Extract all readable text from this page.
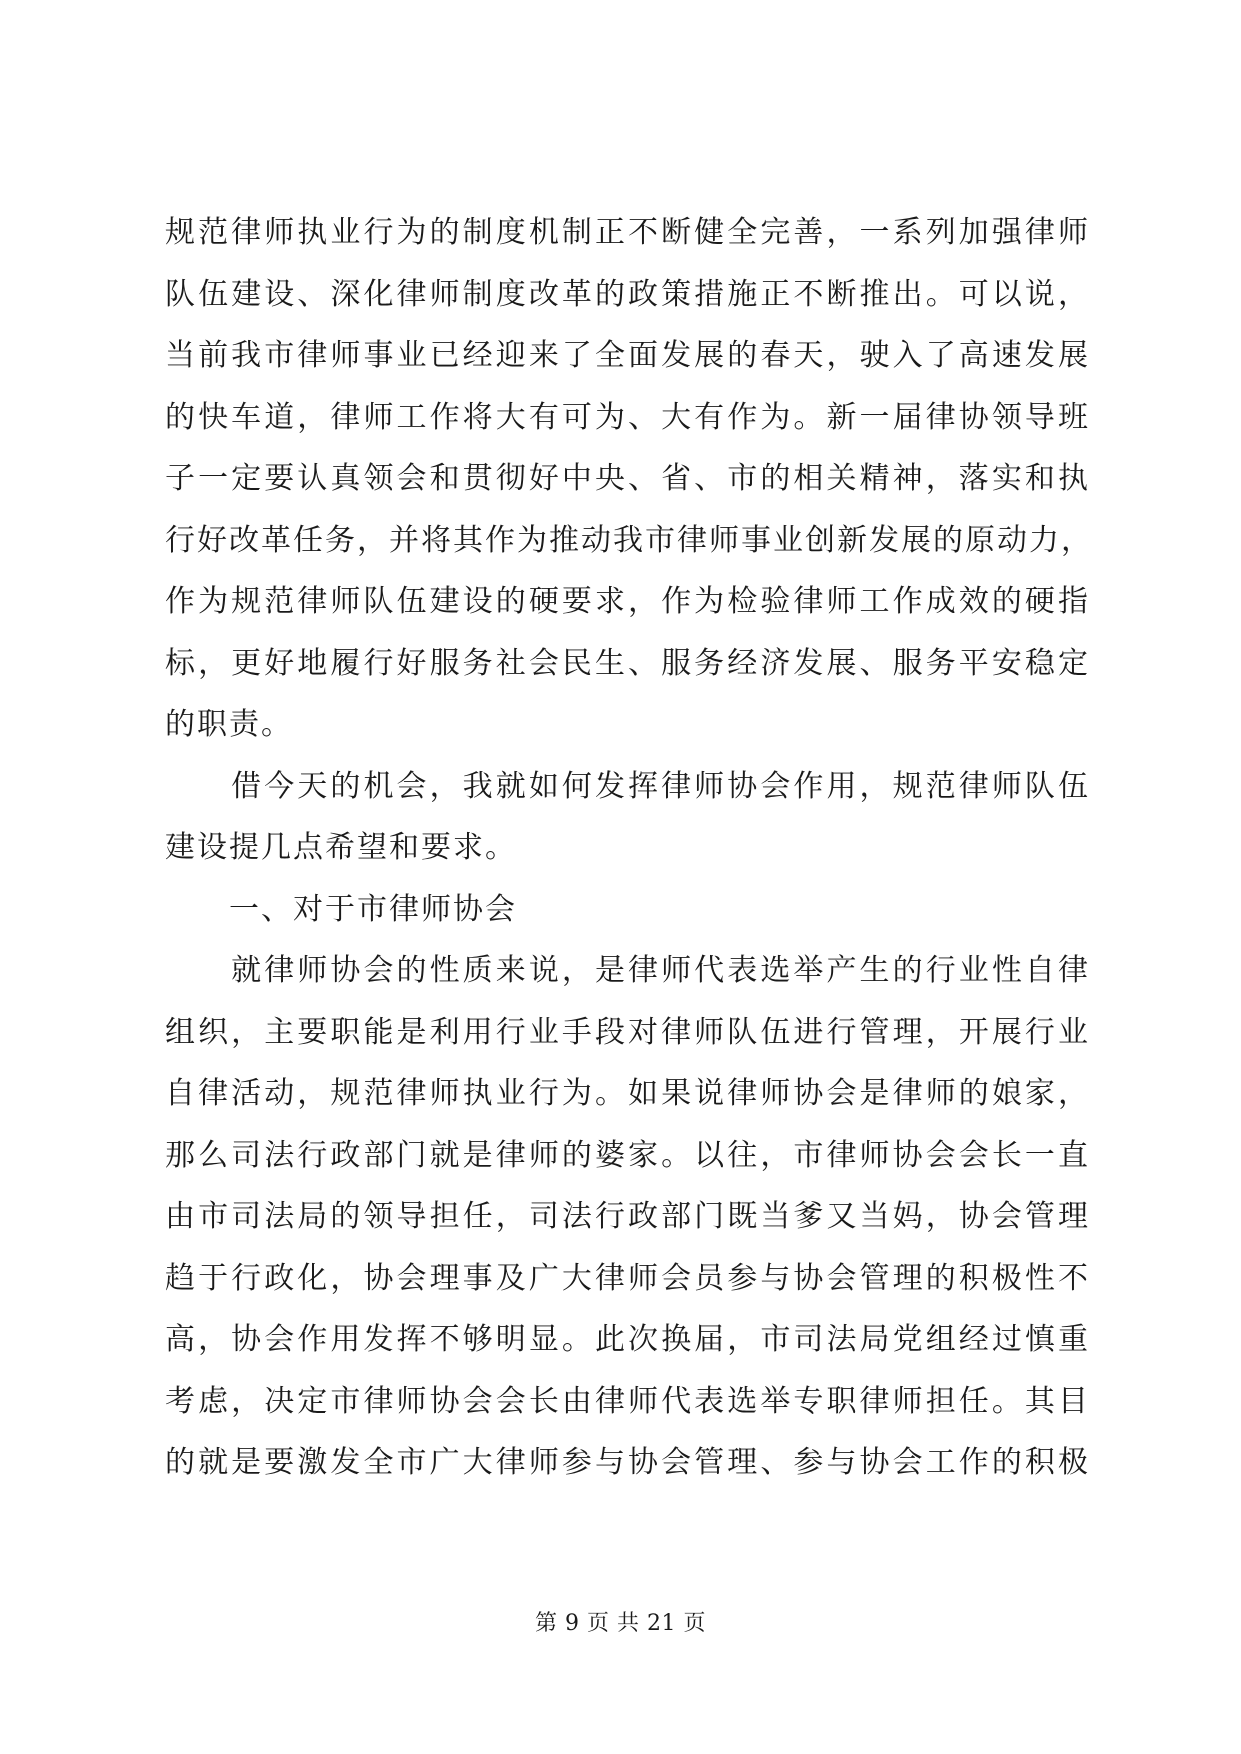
规范律师执业行为的制度机制正不断健全完善，一系列加强律师
队伍建设、深化律师制度改革的政策措施正不断推出。可以说，
当前我市律师事业已经迎来了全面发展的春天，驶入了高速发展
的快车道，律师工作将大有可为、大有作为。新一届律协领导班
子一定要认真领会和贯彻好中央、省、市的相关精神，落实和执
行好改革任务，并将其作为推动我市律师事业创新发展的原动力，
作为规范律师队伍建设的硬要求，作为检验律师工作成效的硬指
标，更好地履行好服务社会民生、服务经济发展、服务平安稳定
的职责。
　　借今天的机会，我就如何发挥律师协会作用，规范律师队伍
建设提几点希望和要求。
　　一、对于市律师协会
　　就律师协会的性质来说，是律师代表选举产生的行业性自律
组织，主要职能是利用行业手段对律师队伍进行管理，开展行业
自律活动，规范律师执业行为。如果说律师协会是律师的娘家，
那么司法行政部门就是律师的婆家。以往，市律师协会会长一直
由市司法局的领导担任，司法行政部门既当爹又当妈，协会管理
趋于行政化，协会理事及广大律师会员参与协会管理的积极性不
高，协会作用发挥不够明显。此次换届，市司法局党组经过慎重
考虑，决定市律师协会会长由律师代表选举专职律师担任。其目
的就是要激发全市广大律师参与协会管理、参与协会工作的积极
第 9 页 共 21 页
